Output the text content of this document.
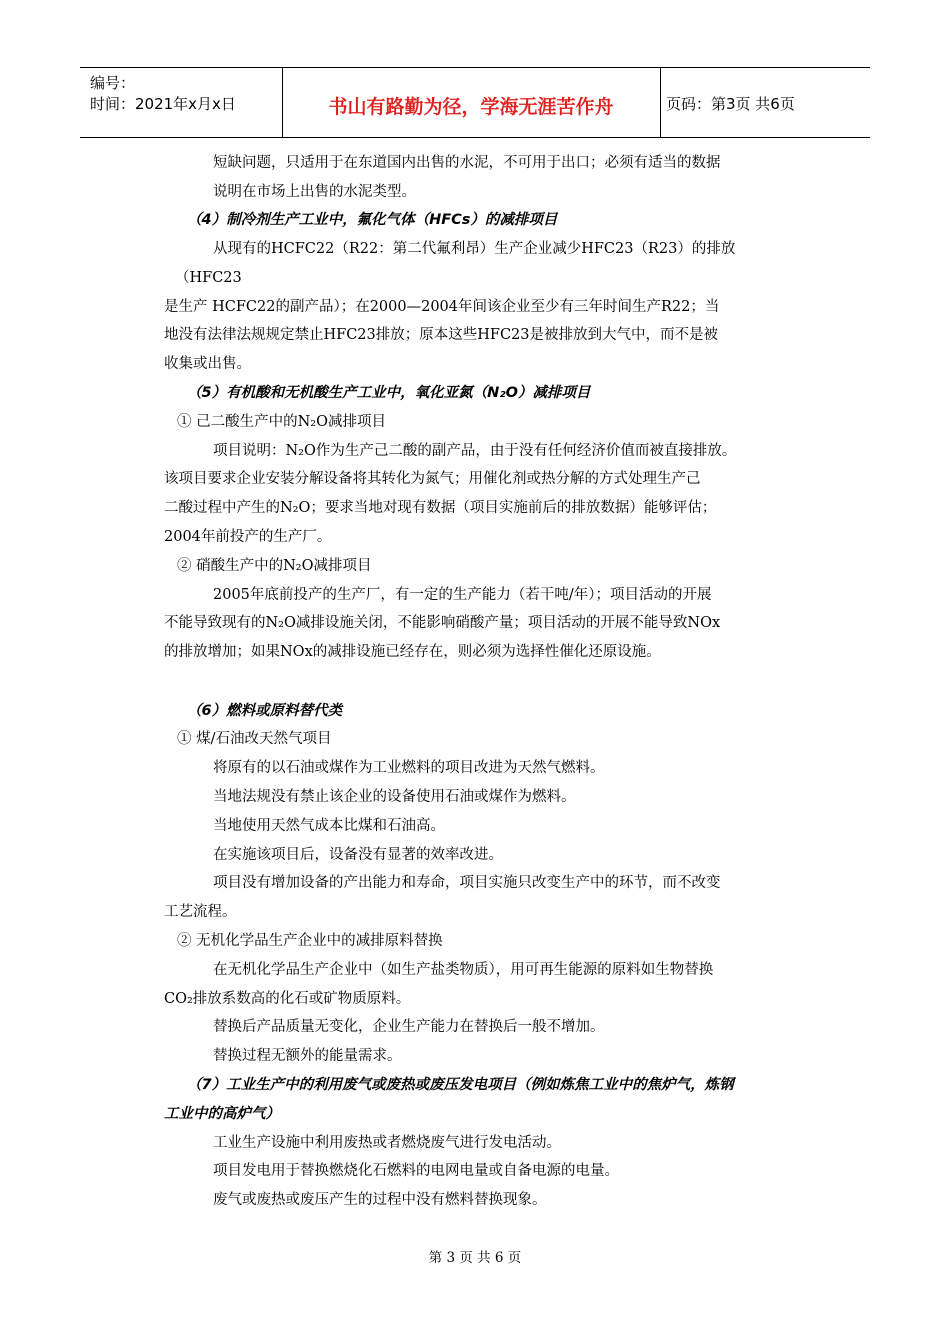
编号：
时间：2021年x月x日	书山有路勤为径，学海无涯苦作舟	页码：第3页 共6页
短缺问题，只适用于在东道国内出售的水泥，不可用于出口；必须有适当的数据
说明在市场上出售的水泥类型。
（4）制冷剂生产工业中，氟化气体（HFCs）的减排项目
从现有的HCFC22（R22：第二代氟利昂）生产企业减少HFC23（R23）的排放
（HFC23
是生产 HCFC22的副产品）；在2000—2004年间该企业至少有三年时间生产R22；当
地没有法律法规规定禁止HFC23排放；原本这些HFC23是被排放到大气中，而不是被
收集或出售。
（5）有机酸和无机酸生产工业中，氧化亚氮（N₂O）减排项目
① 己二酸生产中的N₂O减排项目
项目说明：N₂O作为生产己二酸的副产品，由于没有任何经济价值而被直接排放。
该项目要求企业安装分解设备将其转化为氮气；用催化剂或热分解的方式处理生产己
二酸过程中产生的N₂O；要求当地对现有数据（项目实施前后的排放数据）能够评估；
2004年前投产的生产厂。
② 硝酸生产中的N₂O减排项目
2005年底前投产的生产厂，有一定的生产能力（若干吨/年）；项目活动的开展
不能导致现有的N₂O减排设施关闭，不能影响硝酸产量；项目活动的开展不能导致NOx
的排放增加；如果NOx的减排设施已经存在，则必须为选择性催化还原设施。
（6）燃料或原料替代类
① 煤/石油改天然气项目
将原有的以石油或煤作为工业燃料的项目改进为天然气燃料。
当地法规没有禁止该企业的设备使用石油或煤作为燃料。
当地使用天然气成本比煤和石油高。
在实施该项目后，设备没有显著的效率改进。
项目没有增加设备的产出能力和寿命，项目实施只改变生产中的环节，而不改变
工艺流程。
② 无机化学品生产企业中的减排原料替换
在无机化学品生产企业中（如生产盐类物质），用可再生能源的原料如生物替换
CO₂排放系数高的化石或矿物质原料。
替换后产品质量无变化，企业生产能力在替换后一般不增加。
替换过程无额外的能量需求。
（7）工业生产中的利用废气或废热或废压发电项目（例如炼焦工业中的焦炉气，炼钢
工业中的高炉气）
工业生产设施中利用废热或者燃烧废气进行发电活动。
项目发电用于替换燃烧化石燃料的电网电量或自备电源的电量。
废气或废热或废压产生的过程中没有燃料替换现象。
第 3 页 共 6 页
